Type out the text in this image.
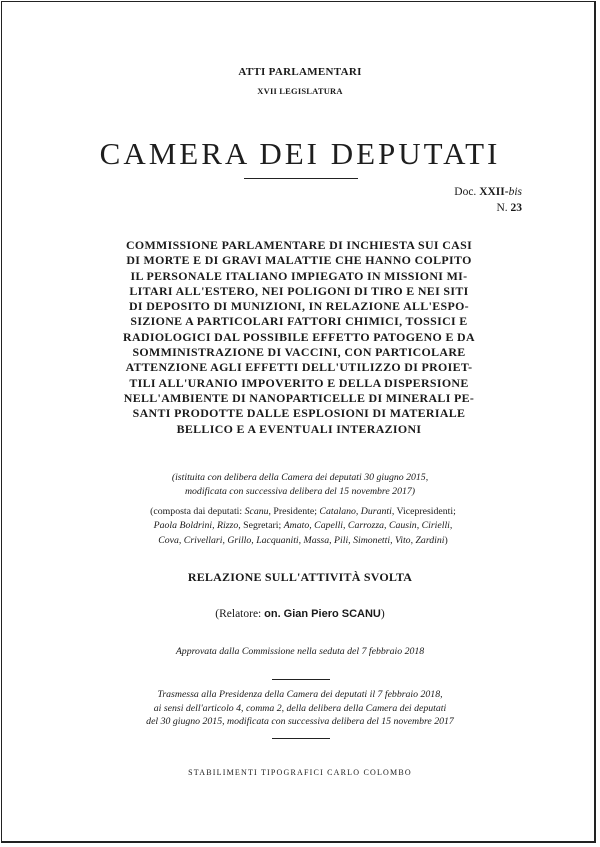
ATTI PARLAMENTARI
XVII LEGISLATURA
CAMERA DEI DEPUTATI
Doc. XXII-bis
N. 23
COMMISSIONE PARLAMENTARE DI INCHIESTA SUI CASI
DI MORTE E DI GRAVI MALATTIE CHE HANNO COLPITO
IL PERSONALE ITALIANO IMPIEGATO IN MISSIONI MI-
LITARI ALL'ESTERO, NEI POLIGONI DI TIRO E NEI SITI
DI DEPOSITO DI MUNIZIONI, IN RELAZIONE ALL'ESPO-
SIZIONE A PARTICOLARI FATTORI CHIMICI, TOSSICI E
RADIOLOGICI DAL POSSIBILE EFFETTO PATOGENO E DA
SOMMINISTRAZIONE DI VACCINI, CON PARTICOLARE
ATTENZIONE AGLI EFFETTI DELL'UTILIZZO DI PROIET-
TILI ALL'URANIO IMPOVERITO E DELLA DISPERSIONE
NELL'AMBIENTE DI NANOPARTICELLE DI MINERALI PE-
SANTI PRODOTTE DALLE ESPLOSIONI DI MATERIALE
BELLICO E A EVENTUALI INTERAZIONI
(istituita con delibera della Camera dei deputati 30 giugno 2015,
modificata con successiva delibera del 15 novembre 2017)
(composta dai deputati: Scanu, Presidente; Catalano, Duranti, Vicepresidenti;
Paola Boldrini, Rizzo, Segretari; Amato, Capelli, Carrozza, Causin, Cirielli,
Cova, Crivellari, Grillo, Lacquaniti, Massa, Pili, Simonetti, Vito, Zardini)
RELAZIONE SULL'ATTIVITÀ SVOLTA
(Relatore: on. Gian Piero SCANU)
Approvata dalla Commissione nella seduta del 7 febbraio 2018
Trasmessa alla Presidenza della Camera dei deputati il 7 febbraio 2018,
ai sensi dell'articolo 4, comma 2, della delibera della Camera dei deputati
del 30 giugno 2015, modificata con successiva delibera del 15 novembre 2017
STABILIMENTI TIPOGRAFICI CARLO COLOMBO
